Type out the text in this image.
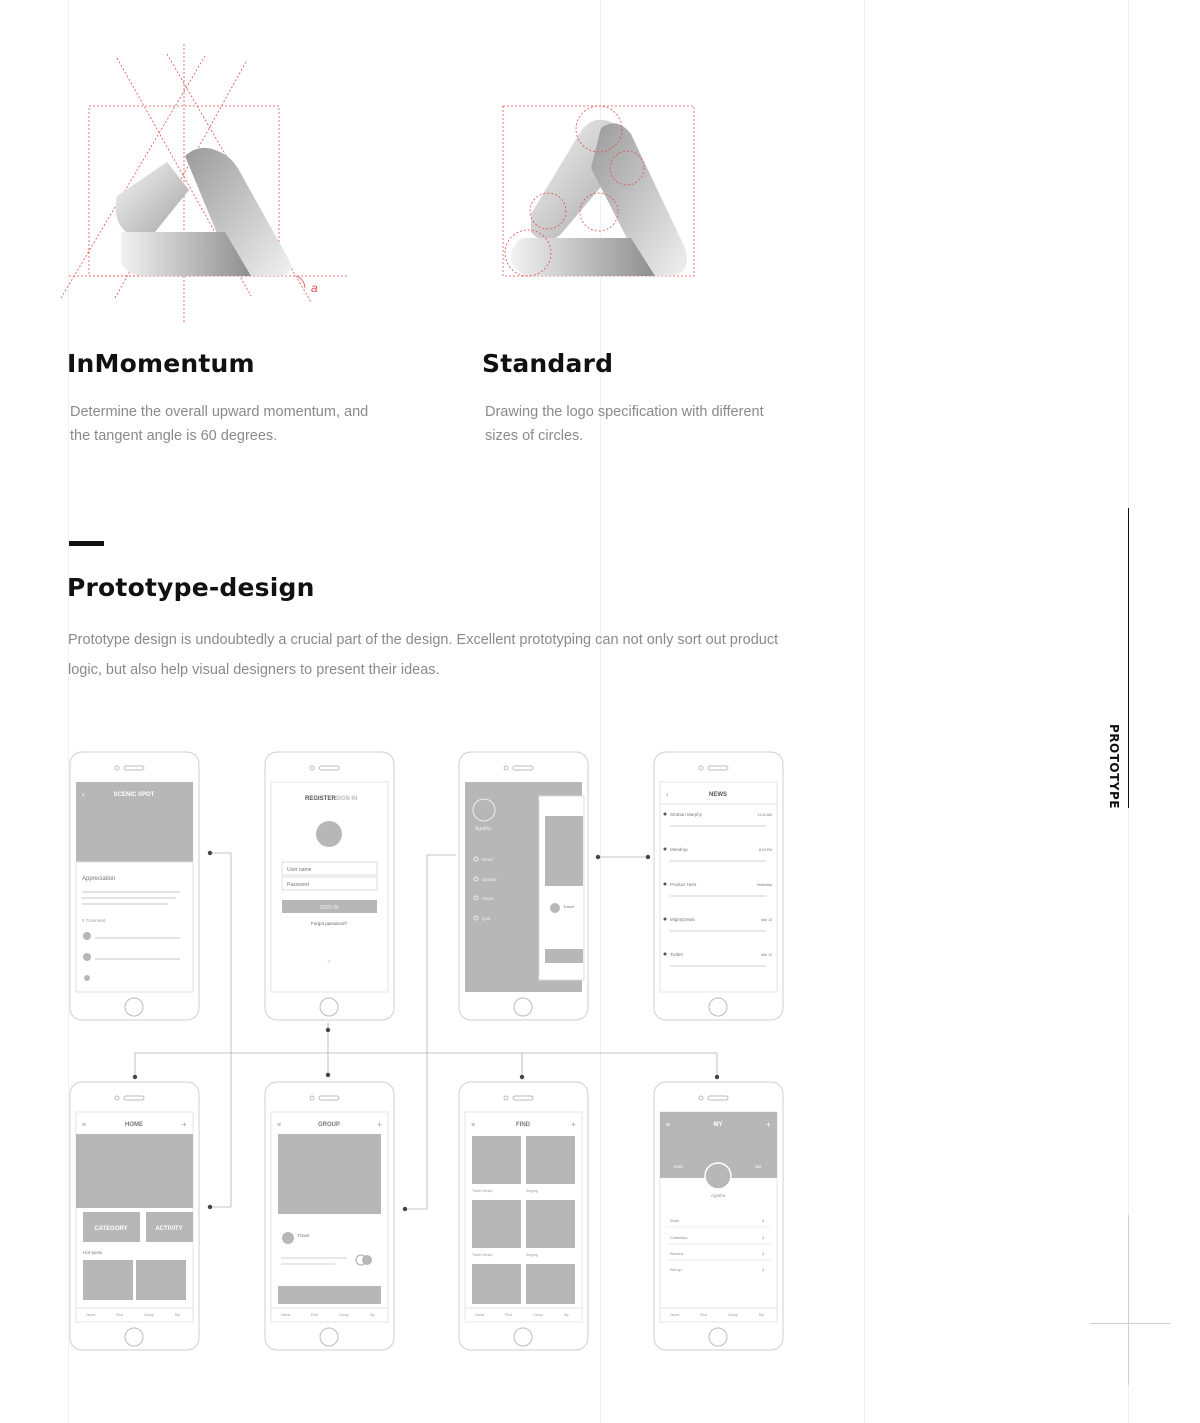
a
InMomentum

Determine the overall upward momentum, and the tangent angle is 60 degrees.

Standard

Drawing the logo specification with different sizes of circles.

Prototype-design

Prototype design is undoubtedly a crucial part of the design. Excellent prototyping can not only sort out product logic, but also help visual designers to present their ideas.

PROTOTYPE
SCENIC SPOT
‹
Appreciation
# Comment
REGISTER SIGN IN
User name
Password
SIGN IN
Forgot password?
×
Agatha
News
Update
About
Quit
Travel
NEWS
‹
Stratton Murphy	11:41 AM
Meedrop	8:23 PM
Product Hunt	Yesterday
MightyDeals	Mar 13
Twitter	Mar 12
HOME
≡	+
CATEGORY	ACTIVITY
Hot spots
Home	Find	Group	My
GROUP
≡	+
Travel
Home	Find	Group	My
FIND
≡	+
Travel Group	Singing
Travel Group	Singing
Home	Find	Group	My
MY
≡	+
4098	389
Agatha
Work	›
Collection	›
Record	›
Set up	›
Home	Find	Group	My
